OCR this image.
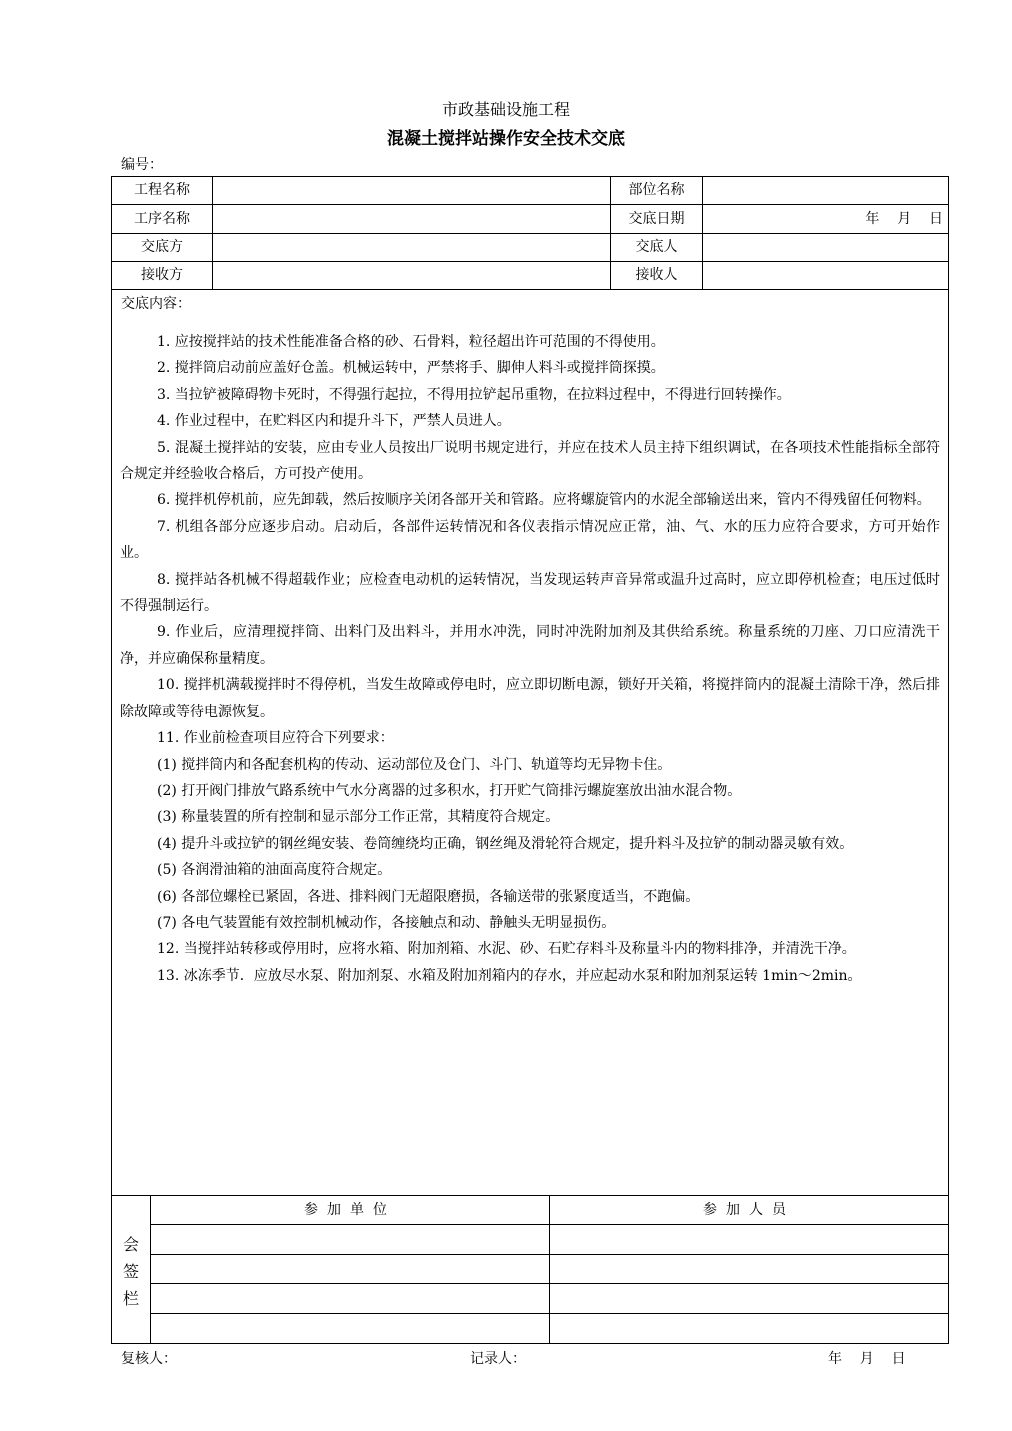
市政基础设施工程
混凝土搅拌站操作安全技术交底
编号：
工程名称	部位名称
工序名称	交底日期	年    月    日
交底方	交底人
接收方	接收人
交底内容：

1. 应按搅拌站的技术性能准备合格的砂、石骨料，粒径超出许可范围的不得使用。

2. 搅拌筒启动前应盖好仓盖。机械运转中，严禁将手、脚伸人料斗或搅拌筒探摸。

3. 当拉铲被障碍物卡死时，不得强行起拉，不得用拉铲起吊重物，在拉料过程中，不得进行回转操作。

4. 作业过程中，在贮料区内和提升斗下，严禁人员进人。

5. 混凝土搅拌站的安装，应由专业人员按出厂说明书规定进行，并应在技术人员主持下组织调试，在各项技术性能指标全部符合规定并经验收合格后，方可投产使用。

6. 搅拌机停机前，应先卸载，然后按顺序关闭各部开关和管路。应将螺旋管内的水泥全部输送出来，管内不得残留任何物料。

7. 机组各部分应逐步启动。启动后，各部件运转情况和各仪表指示情况应正常，油、气、水的压力应符合要求，方可开始作业。

8. 搅拌站各机械不得超载作业；应检查电动机的运转情况，当发现运转声音异常或温升过高时，应立即停机检查；电压过低时不得强制运行。

9. 作业后，应清理搅拌筒、出料门及出料斗，并用水冲洗，同时冲洗附加剂及其供给系统。称量系统的刀座、刀口应清洗干净，并应确保称量精度。

10. 搅拌机满载搅拌时不得停机，当发生故障或停电时，应立即切断电源，锁好开关箱，将搅拌筒内的混凝土清除干净，然后排除故障或等待电源恢复。

11. 作业前检查项目应符合下列要求：

(1) 搅拌筒内和各配套机构的传动、运动部位及仓门、斗门、轨道等均无异物卡住。

(2) 打开阀门排放气路系统中气水分离器的过多积水，打开贮气筒排污螺旋塞放出油水混合物。

(3) 称量装置的所有控制和显示部分工作正常，其精度符合规定。

(4) 提升斗或拉铲的钢丝绳安装、卷筒缠绕均正确，钢丝绳及滑轮符合规定，提升料斗及拉铲的制动器灵敏有效。

(5) 各润滑油箱的油面高度符合规定。

(6) 各部位螺栓已紧固，各进、排料阀门无超限磨损，各输送带的张紧度适当，不跑偏。

(7) 各电气装置能有效控制机械动作，各接触点和动、静触头无明显损伤。

12. 当搅拌站转移或停用时，应将水箱、附加剂箱、水泥、砂、石贮存料斗及称量斗内的物料排净，并清洗干净。

13. 冰冻季节．应放尽水泵、附加剂泵、水箱及附加剂箱内的存水，并应起动水泵和附加剂泵运转 1min～2min。

会
签
栏
参加单位	参加人员
复核人：	记录人：	年    月    日
